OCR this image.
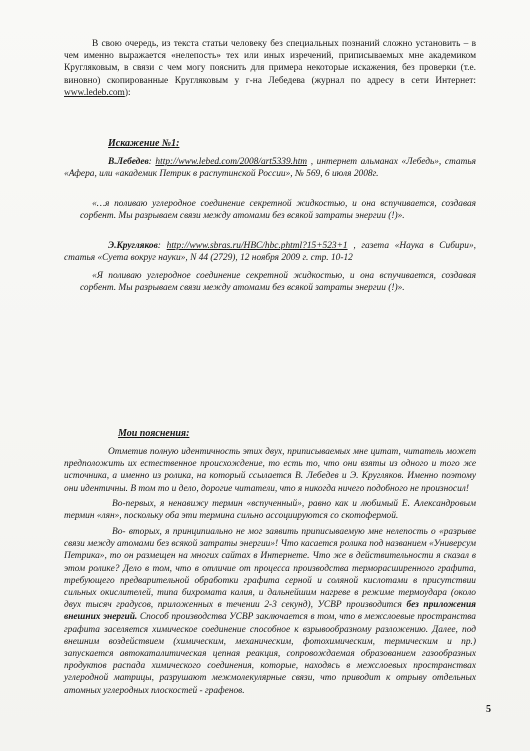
В свою очередь, из текста статьи человеку без специальных познаний сложно установить – в чем именно выражается «нелепость» тех или иных изречений, приписываемых мне академиком Кругляковым, в связи с чем могу пояснить для примера некоторые искажения, без проверки (т.е. виновно) скопированные Кругляковым у г-на Лебедева (журнал по адресу в сети Интернет: www.ledeb.com):

Искажение №1:

В.Лебедев: http://www.lebed.com/2008/art5339.htm , интернет альманах «Лебедь», статья «Афера, или «академик Петрик в распутинской России», № 569, 6 июля 2008г.

«…я поливаю углеродное соединение секретной жидкостью, и она вспучивается, создавая сорбент. Мы разрываем связи между атомами без всякой затраты энергии (!)».

Э.Кругляков: http://www.sbras.ru/HBC/hbc.phtml?15+523+1 , газета «Наука в Сибири», статья «Суета вокруг науки», N 44 (2729), 12 ноября 2009 г. стр. 10-12

«Я поливаю углеродное соединение секретной жидкостью, и она вспучивается, создавая сорбент. Мы разрываем связи между атомами без всякой затраты энергии (!)».

Мои пояснения:

Отметив полную идентичность этих двух, приписываемых мне цитат, читатель может предположить их естественное происхождение, то есть то, что они взяты из одного и того же источника, а именно из ролика, на который ссылается В. Лебедев и Э. Кругляков. Именно поэтому они идентичны. В том то и дело, дорогие читатели, что я никогда ничего подобного не произносил!

Во-первых, я ненавижу термин «вспученный», равно как и любимый Е. Александровым термин «лян», поскольку оба эти термина сильно ассоциируются со скотофермой.

Во- вторых, я принципиально не мог заявить приписываемую мне нелепость о «разрыве связи между атомами без всякой затраты энергии»! Что касается ролика под названием «Универсум Петрика», то он размещен на многих сайтах в Интернете. Что же в действительности я сказал в этом ролике? Дело в том, что в отличие от процесса производства терморасширенного графита, требующего предварительной обработки графита серной и соляной кислотами в присутствии сильных окислителей, типа бихромата калия, и дальнейшим нагреве в режиме термоудара (около двух тысяч градусов, приложенных в течении 2-3 секунд), УСВР производится без приложения внешних энергий. Способ производства УСВР заключается в том, что в межслоевые пространства графита заселяется химическое соединение способное к взрывообразному разложению. Далее, под внешним воздействием (химическим, механическим, фотохимическим, термическим и пр.) запускается автокаталитическая цепная реакция, сопровождаемая образованием газообразных продуктов распада химического соединения, которые, находясь в межслоевых пространствах углеродной матрицы, разрушают межмолекулярные связи, что приводит к отрыву отдельных атомных углеродных плоскостей - графенов.

5
